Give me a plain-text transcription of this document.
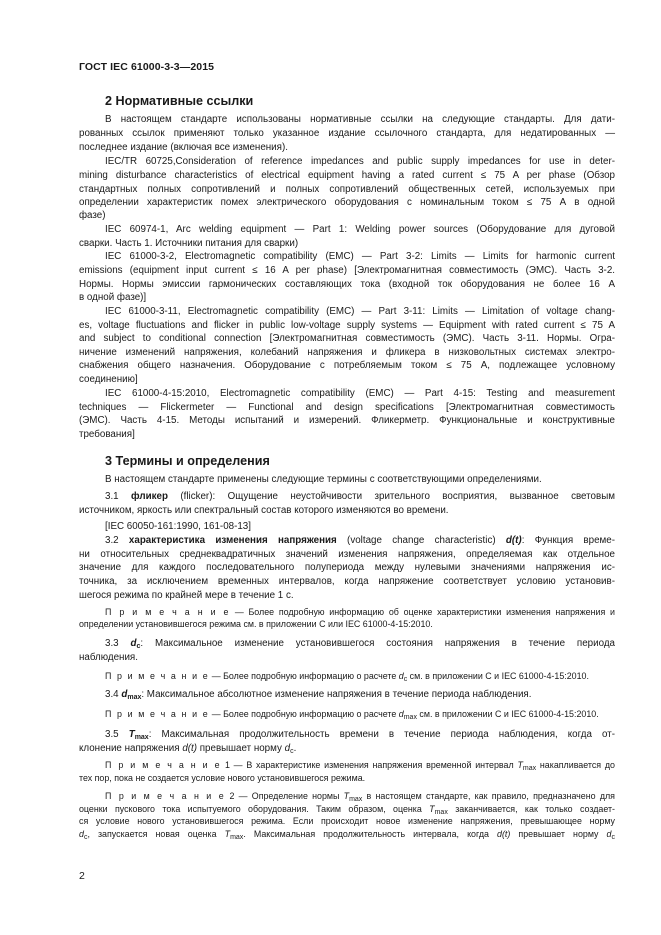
ГОСТ IEC 61000-3-3—2015
2 Нормативные ссылки
В настоящем стандарте использованы нормативные ссылки на следующие стандарты. Для дати-
рованных ссылок применяют только указанное издание ссылочного стандарта, для недатированных —
последнее издание (включая все изменения).
IEC/TR 60725,Consideration of reference impedances and public supply impedances for use in deter-
mining disturbance characteristics of electrical equipment having a rated current ≤ 75 A per phase (Обзор
стандартных полных сопротивлений и полных сопротивлений общественных сетей, используемых при
определении характеристик помех электрического оборудования с номинальным током ≤ 75 А в одной
фазе)
IEC 60974-1, Arc welding equipment — Part 1: Welding power sources (Оборудование для дуговой
сварки. Часть 1. Источники питания для сварки)
IEC 61000-3-2, Electromagnetic compatibility (EMC) — Part 3-2: Limits — Limits for harmonic current
emissions (equipment input current ≤ 16 A per phase) [Электромагнитная совместимость (ЭМС). Часть 3-2.
Нормы. Нормы эмиссии гармонических составляющих тока (входной ток оборудования не более 16 А
в одной фазе)]
IEC 61000-3-11, Electromagnetic compatibility (EMC) — Part 3-11: Limits — Limitation of voltage chang-
es, voltage fluctuations and flicker in public low-voltage supply systems — Equipment with rated current ≤ 75 A
and subject to conditional connection [Электромагнитная совместимость (ЭМС). Часть 3-11. Нормы. Огра-
ничение изменений напряжения, колебаний напряжения и фликера в низковольтных системах электро-
снабжения общего назначения. Оборудование с потребляемым током ≤ 75 А, подлежащее условному
соединению]
IEC 61000-4-15:2010, Electromagnetic compatibility (EMC) — Part 4-15: Testing and measurement
techniques — Flickermeter — Functional and design specifications [Электромагнитная совместимость
(ЭМС). Часть 4-15. Методы испытаний и измерений. Фликерметр. Функциональные и конструктивные
требования]
3 Термины и определения
В настоящем стандарте применены следующие термины с соответствующими определениями.
3.1 фликер (flicker): Ощущение неустойчивости зрительного восприятия, вызванное световым
источником, яркость или спектральный состав которого изменяются во времени.
[IEC 60050-161:1990, 161-08-13]
3.2 характеристика изменения напряжения (voltage change characteristic) d(t): Функция време-
ни относительных среднеквадратичных значений изменения напряжения, определяемая как отдельное
значение для каждого последовательного полупериода между нулевыми значениями напряжения ис-
точника, за исключением временных интервалов, когда напряжение соответствует условию установив-
шегося режима по крайней мере в течение 1 с.
П р и м е ч а н и е — Более подробную информацию об оценке характеристики изменения напряжения и
определении установившегося режима см. в приложении С или IEC 61000-4-15:2010.
3.3 $d_c$: Максимальное изменение установившегося состояния напряжения в течение периода
наблюдения.
П р и м е ч а н и е — Более подробную информацию о расчете $d_c$ см. в приложении С и IEC 61000-4-15:2010.
3.4 $d_{max}$: Максимальное абсолютное изменение напряжения в течение периода наблюдения.
П р и м е ч а н и е — Более подробную информацию о расчете $d_{max}$ см. в приложении С и IEC 61000-4-15:2010.
3.5 $T_{max}$: Максимальная продолжительность времени в течение периода наблюдения, когда от-
клонение напряжения d(t) превышает норму $d_c$.
П р и м е ч а н и е 1 — В характеристике изменения напряжения временной интервал $T_{max}$ накапливается до
тех пор, пока не создается условие нового установившегося режима.
П р и м е ч а н и е 2 — Определение нормы $T_{max}$ в настоящем стандарте, как правило, предназначено для
оценки пускового тока испытуемого оборудования. Таким образом, оценка $T_{max}$ заканчивается, как только создает-
ся условие нового установившегося режима. Если происходит новое изменение напряжения, превышающее норму
$d_c$, запускается новая оценка $T_{max}$. Максимальная продолжительность интервала, когда d(t) превышает норму $d_c$
2
